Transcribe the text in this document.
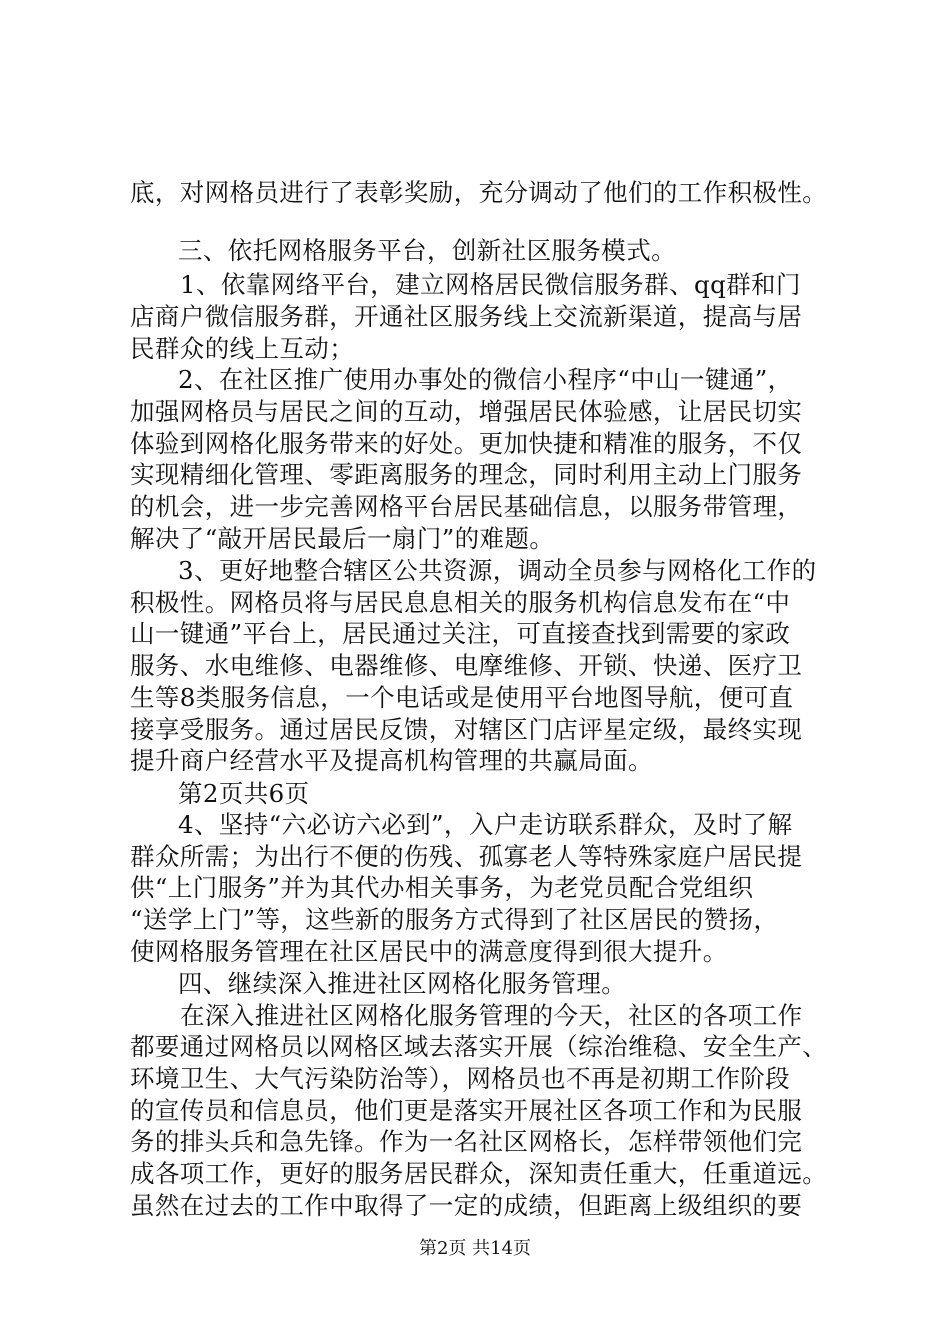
底，对网格员进行了表彰奖励，充分调动了他们的工作积极性。
三、依托网格服务平台，创新社区服务模式。
1、依靠网络平台，建立网格居民微信服务群、qq群和门
店商户微信服务群，开通社区服务线上交流新渠道，提高与居
民群众的线上互动；
2、在社区推广使用办事处的微信小程序“中山一键通”，
加强网格员与居民之间的互动，增强居民体验感，让居民切实
体验到网格化服务带来的好处。更加快捷和精准的服务，不仅
实现精细化管理、零距离服务的理念，同时利用主动上门服务
的机会，进一步完善网格平台居民基础信息，以服务带管理，
解决了“敲开居民最后一扇门”的难题。
3、更好地整合辖区公共资源，调动全员参与网格化工作的
积极性。网格员将与居民息息相关的服务机构信息发布在“中
山一键通”平台上，居民通过关注，可直接查找到需要的家政
服务、水电维修、电器维修、电摩维修、开锁、快递、医疗卫
生等8类服务信息，一个电话或是使用平台地图导航，便可直
接享受服务。通过居民反馈，对辖区门店评星定级，最终实现
提升商户经营水平及提高机构管理的共赢局面。
第2页共6页
4、坚持“六必访六必到”，入户走访联系群众，及时了解
群众所需；为出行不便的伤残、孤寡老人等特殊家庭户居民提
供“上门服务”并为其代办相关事务，为老党员配合党组织
“送学上门”等，这些新的服务方式得到了社区居民的赞扬，
使网格服务管理在社区居民中的满意度得到很大提升。
四、继续深入推进社区网格化服务管理。
在深入推进社区网格化服务管理的今天，社区的各项工作
都要通过网格员以网格区域去落实开展（综治维稳、安全生产、
环境卫生、大气污染防治等），网格员也不再是初期工作阶段
的宣传员和信息员，他们更是落实开展社区各项工作和为民服
务的排头兵和急先锋。作为一名社区网格长，怎样带领他们完
成各项工作，更好的服务居民群众，深知责任重大，任重道远。
虽然在过去的工作中取得了一定的成绩，但距离上级组织的要
第2页 共14页
